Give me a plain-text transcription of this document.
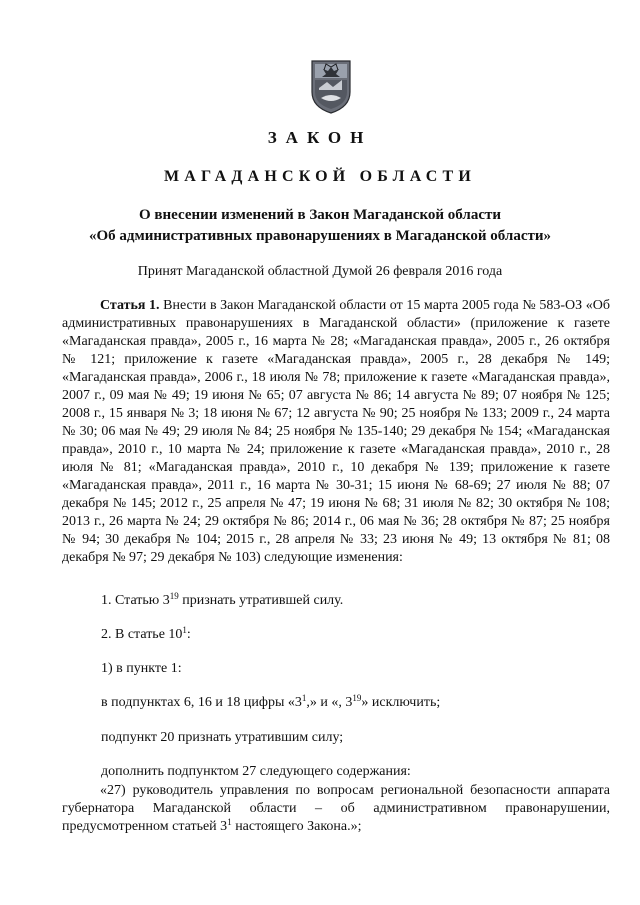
ЗАКОН
МАГАДАНСКОЙ ОБЛАСТИ
О внесении изменений в Закон Магаданской области
«Об административных правонарушениях в Магаданской области»
Принят Магаданской областной Думой 26 февраля 2016 года
Статья 1. Внести в Закон Магаданской области от 15 марта 2005 года № 583-ОЗ «Об административных правонарушениях в Магаданской области» (приложение к газете «Магаданская правда», 2005 г., 16 марта № 28; «Магаданская правда», 2005 г., 26 октября № 121; приложение к газете «Магаданская правда», 2005 г., 28 декабря № 149; «Магаданская правда», 2006 г., 18 июля № 78; приложение к газете «Магаданская правда», 2007 г., 09 мая № 49; 19 июня № 65; 07 августа № 86; 14 августа № 89; 07 ноября № 125; 2008 г., 15 января № 3; 18 июня № 67; 12 августа № 90; 25 ноября № 133; 2009 г., 24 марта № 30; 06 мая № 49; 29 июля № 84; 25 ноября № 135-140; 29 декабря № 154; «Магаданская правда», 2010 г., 10 марта № 24; приложение к газете «Магаданская правда», 2010 г., 28 июля № 81; «Магаданская правда», 2010 г., 10 декабря № 139; приложение к газете «Магаданская правда», 2011 г., 16 марта № 30-31; 15 июня № 68-69; 27 июля № 88; 07 декабря № 145; 2012 г., 25 апреля № 47; 19 июня № 68; 31 июля № 82; 30 октября № 108; 2013 г., 26 марта № 24; 29 октября № 86; 2014 г., 06 мая № 36; 28 октября № 87; 25 ноября № 94; 30 декабря № 104; 2015 г., 28 апреля № 33; 23 июня № 49; 13 октября № 81; 08 декабря № 97; 29 декабря № 103) следующие изменения:
1. Статью $3^{19}$ признать утратившей силу.
2. В статье $10^1$:
1) в пункте 1:
в подпунктах 6, 16 и 18 цифры «$3^1$,» и «, $3^{19}$» исключить;
подпункт 20 признать утратившим силу;
дополнить подпунктом 27 следующего содержания:
«27) руководитель управления по вопросам региональной безопасности аппарата губернатора Магаданской области – об административном правонарушении, предусмотренном статьей $3^1$ настоящего Закона.»;
